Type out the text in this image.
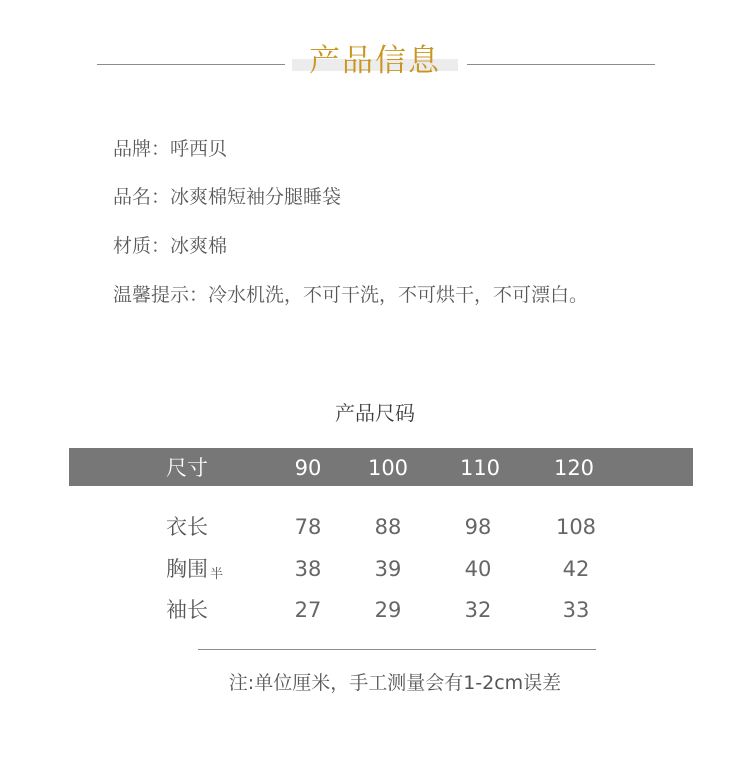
产品信息
品牌：呼西贝
品名：冰爽棉短袖分腿睡袋
材质：冰爽棉
温馨提示：冷水机洗，不可干洗，不可烘干，不可漂白。
产品尺码
尺寸	90	100	110	120
衣长	78	88	98	108
胸围 半	38	39	40	42
袖长	27	29	32	33
注:单位厘米，手工测量会有1-2cm误差
